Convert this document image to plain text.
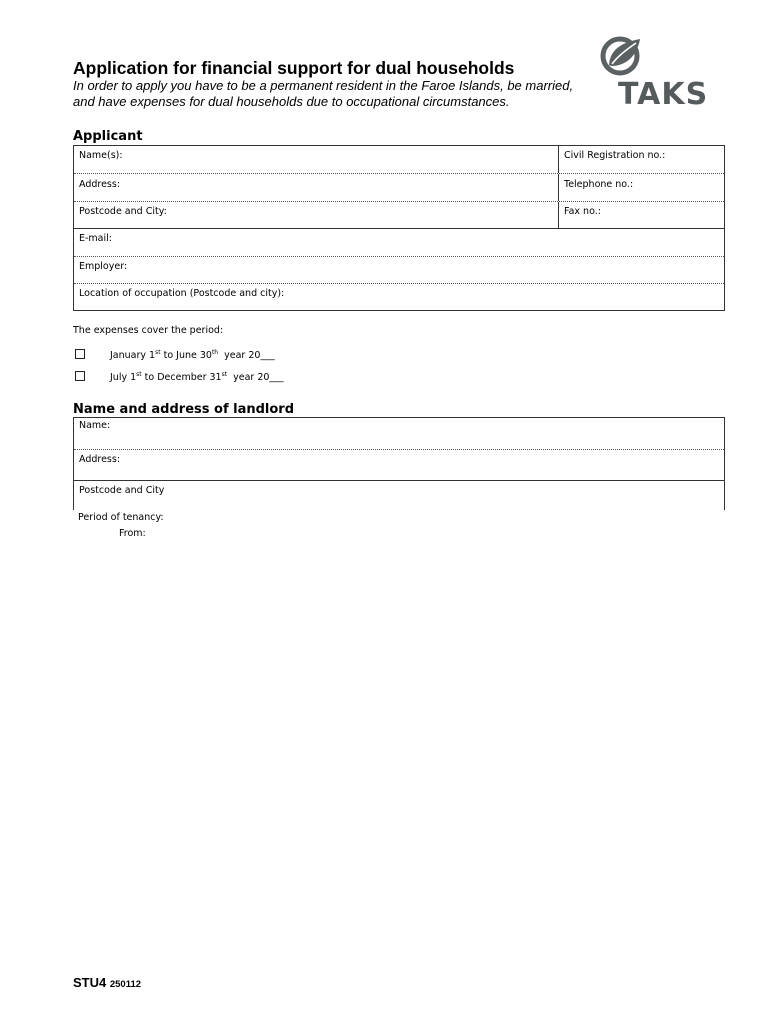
Application for financial support for dual households
In order to apply you have to be a permanent resident in the Faroe Islands, be married, and have expenses for dual households due to occupational circumstances.	TAKS
Applicant
Name(s):	Civil Registration no.:
Address:	Telephone no.:
Postcode and City:	Fax no.:
E-mail:
Employer:
Location of occupation (Postcode and city):
The expenses cover the period:
January 1st to June 30th  year 20___
July 1st to December 31st  year 20___
Name and address of landlord
Name:
Address:
Postcode and City
Period of tenancy:
From:
STU4 250112
